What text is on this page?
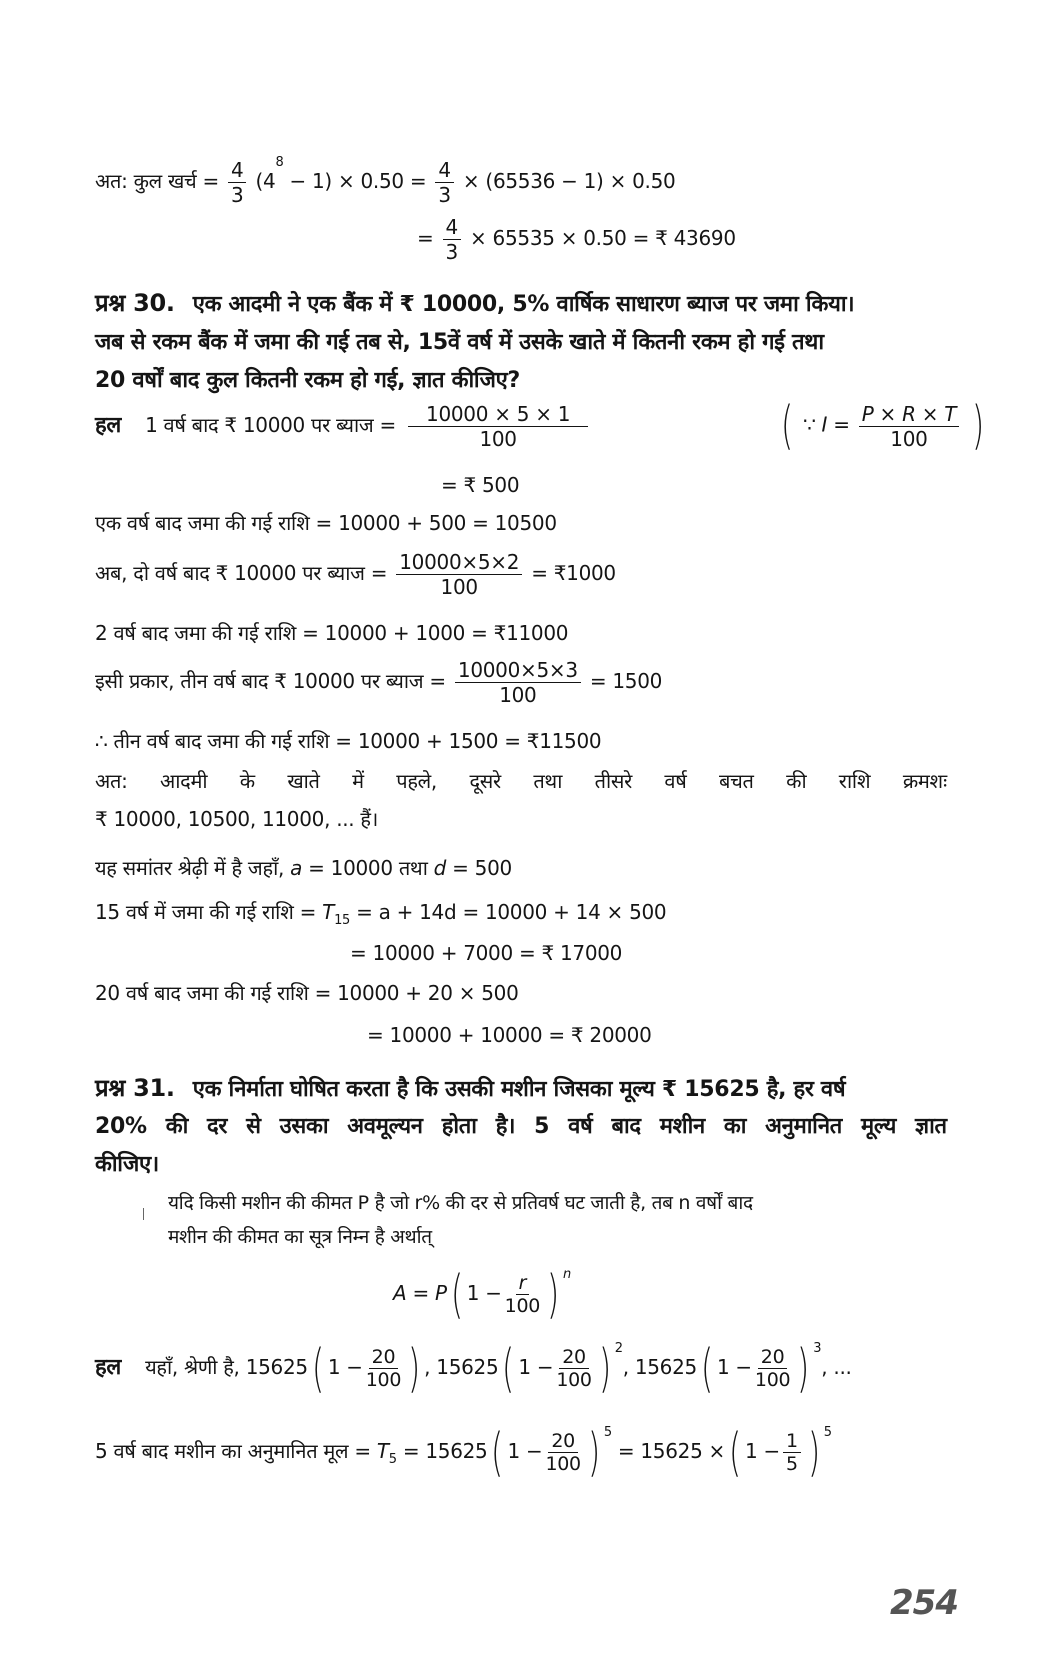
अत: कुल खर्च = $\frac{4}{3} (4^8 - 1) \times 0.50 = \frac{4}{3} \times (65536 - 1) \times 0.50$
= $\frac{4}{3} \times 65535 \times 0.50$ = ₹ 43690
प्रश्न 30. एक आदमी ने एक बैंक में ₹ 10000, 5% वार्षिक साधारण ब्याज पर जमा किया।
जब से रकम बैंक में जमा की गई तब से, 15वें वर्ष में उसके खाते में कितनी रकम हो गई तथा
20 वर्षों बाद कुल कितनी रकम हो गई, ज्ञात कीजिए?
हल 1 वर्ष बाद ₹ 10000 पर ब्याज = $\frac{10000 \times 5 \times 1}{100}$	( ∵ $I = \frac{P \times R \times T}{100}$ )
= ₹ 500
एक वर्ष बाद जमा की गई राशि = 10000 + 500 = 10500
अब, दो वर्ष बाद ₹ 10000 पर ब्याज = $\frac{10000\times 5\times 2}{100}$ = ₹1000
2 वर्ष बाद जमा की गई राशि = 10000 + 1000 = ₹11000
इसी प्रकार, तीन वर्ष बाद ₹ 10000 पर ब्याज = $\frac{10000\times 5\times 3}{100} = 1500$
∴ तीन वर्ष बाद जमा की गई राशि = 10000 + 1500 = ₹11500
अत: आदमी के खाते में पहले, दूसरे तथा तीसरे वर्ष बचत की राशि क्रमशः
₹ 10000, 10500, 11000, ... हैं।
यह समांतर श्रेढ़ी में है जहाँ, a = 10000 तथा d = 500
15 वर्ष में जमा की गई राशि = $T_{15} = a + 14d = 10000 + 14 \times 500$
= 10000 + 7000 = ₹ 17000
20 वर्ष बाद जमा की गई राशि = 10000 + 20 × 500
= 10000 + 10000 = ₹ 20000
प्रश्न 31. एक निर्माता घोषित करता है कि उसकी मशीन जिसका मूल्य ₹ 15625 है, हर वर्ष
20% की दर से उसका अवमूल्यन होता है। 5 वर्ष बाद मशीन का अनुमानित मूल्य ज्ञात
कीजिए।
यदि किसी मशीन की कीमत P है जो r% की दर से प्रतिवर्ष घट जाती है, तब n वर्षों बाद
मशीन की कीमत का सूत्र निम्न है अर्थात्
A = P( $1 - \frac{r}{100}$ ) $^n$
हल यहाँ, श्रेणी है, 15625( $1 - \frac{20}{100}$ ) , 15625( $1 - \frac{20}{100}$ ) $^2$, 15625( $1 - \frac{20}{100}$ ) $^3$, ...
5 वर्ष बाद मशीन का अनुमानित मूल = $T_5 = 15625$( $1 - \frac{20}{100}$ ) $^5$ = 15625 ×( $1 - \frac{1}{5}$ ) $^5$
254
